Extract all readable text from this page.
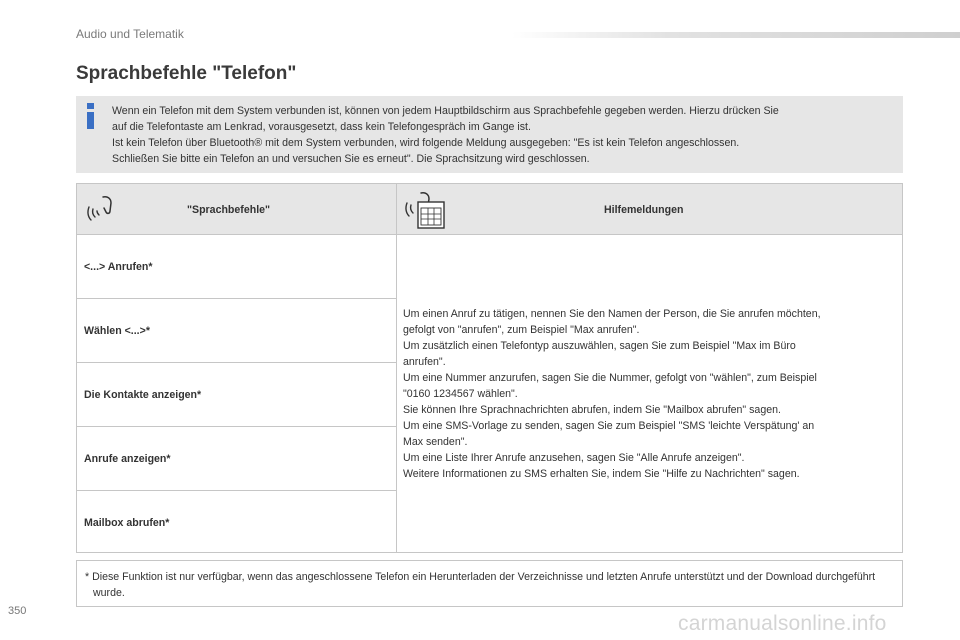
Audio und Telematik
Sprachbefehle "Telefon"

Wenn ein Telefon mit dem System verbunden ist, können von jedem Hauptbildschirm aus Sprachbefehle gegeben werden. Hierzu drücken Sie

auf die Telefontaste am Lenkrad, vorausgesetzt, dass kein Telefongespräch im Gange ist.

Ist kein Telefon über Bluetooth® mit dem System verbunden, wird folgende Meldung ausgegeben: "Es ist kein Telefon angeschlossen.

Schließen Sie bitte ein Telefon an und versuchen Sie es erneut". Die Sprachsitzung wird geschlossen.

"Sprachbefehle"	Hilfemeldungen
<...> Anrufen*
Wählen <...>*
Die Kontakte anzeigen*
Anrufe anzeigen*
Mailbox abrufen*

Um einen Anruf zu tätigen, nennen Sie den Namen der Person, die Sie anrufen möchten,

gefolgt von "anrufen", zum Beispiel "Max anrufen".

Um zusätzlich einen Telefontyp auszuwählen, sagen Sie zum Beispiel "Max im Büro

anrufen".

Um eine Nummer anzurufen, sagen Sie die Nummer, gefolgt von "wählen", zum Beispiel

"0160 1234567 wählen".

Sie können Ihre Sprachnachrichten abrufen, indem Sie "Mailbox abrufen" sagen.

Um eine SMS-Vorlage zu senden, sagen Sie zum Beispiel "SMS 'leichte Verspätung' an

Max senden".

Um eine Liste Ihrer Anrufe anzusehen, sagen Sie "Alle Anrufe anzeigen".

Weitere Informationen zu SMS erhalten Sie, indem Sie "Hilfe zu Nachrichten" sagen.

* Diese Funktion ist nur verfügbar, wenn das angeschlossene Telefon ein Herunterladen der Verzeichnisse und letzten Anrufe unterstützt und der Download durchgeführt wurde.

350
carmanualsonline.info
